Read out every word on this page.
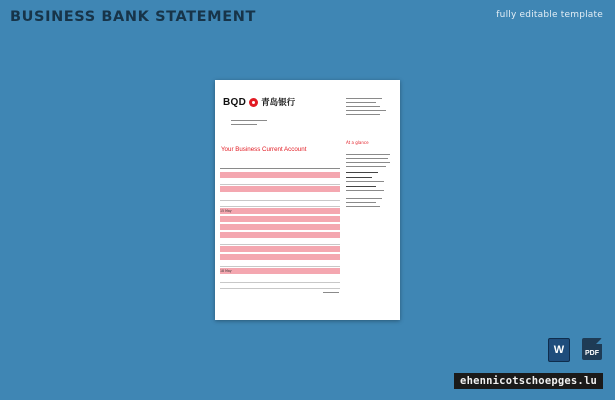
BUSINESS BANK STATEMENT	fully editable template
BQD 青岛银行
Your Business Current Account
At a glance
15 May
18 May
W	PDF
ehennicotschoepges.lu
